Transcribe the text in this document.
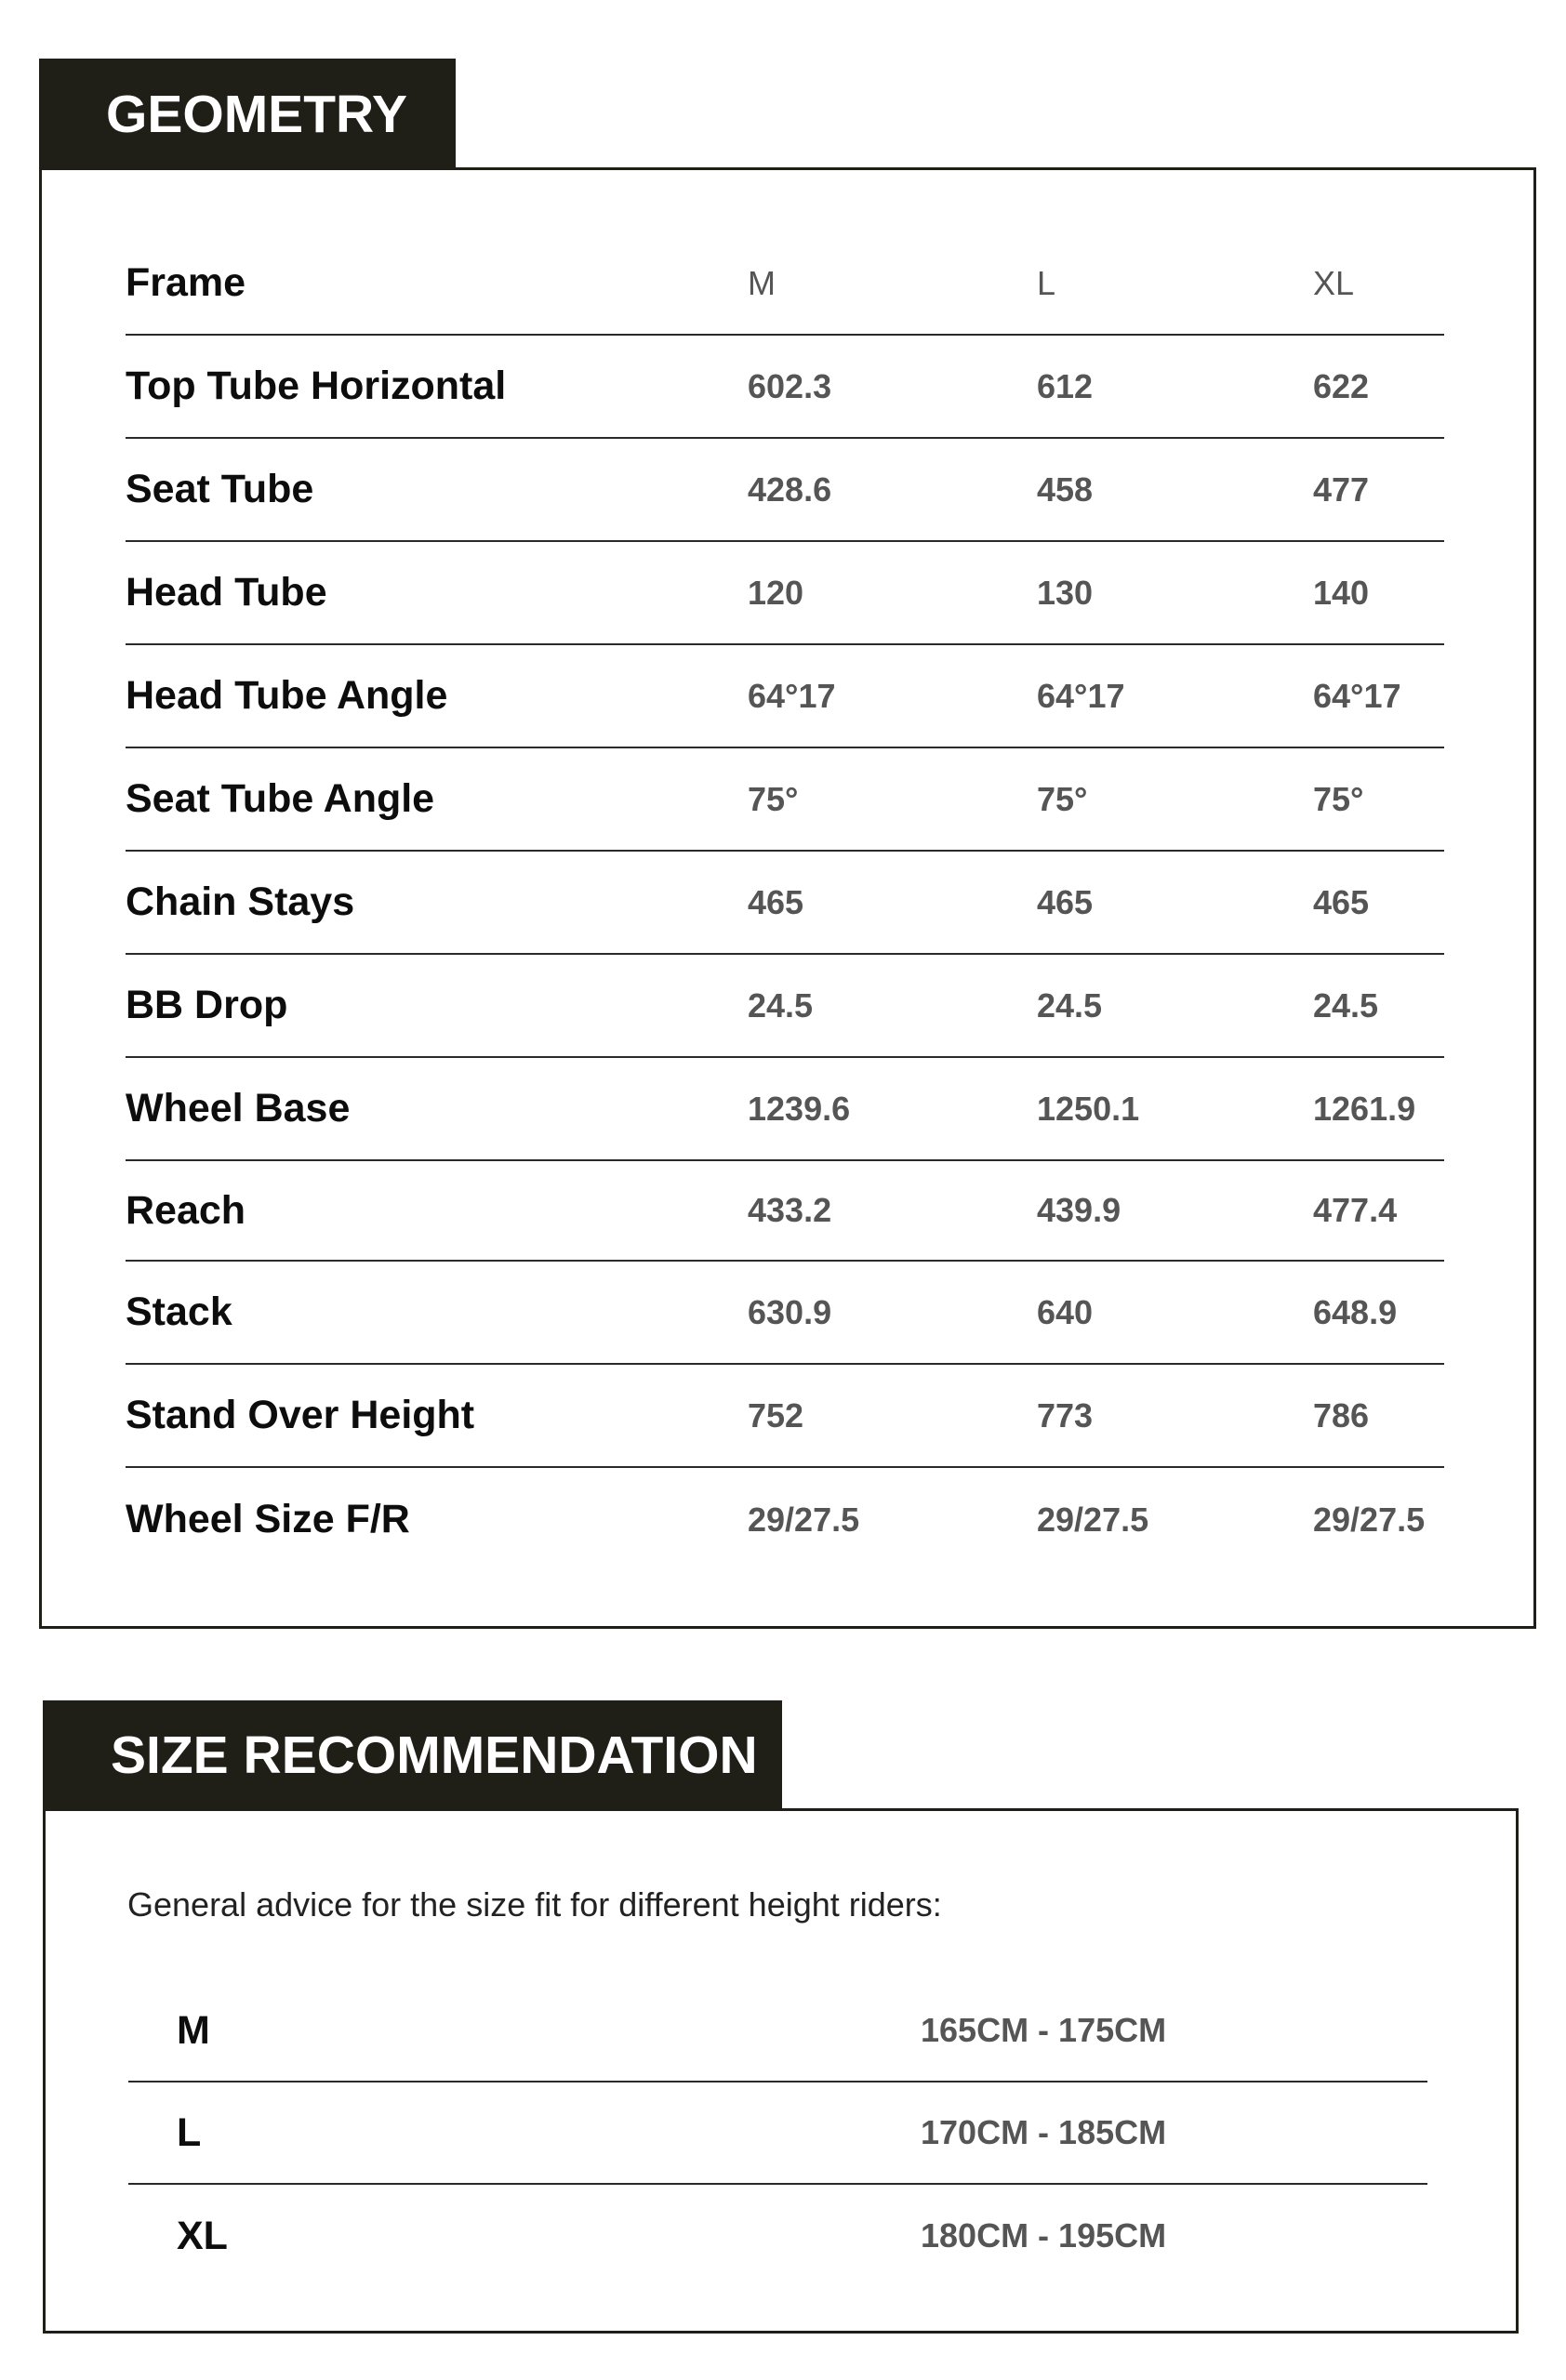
GEOMETRY
Frame	M	L	XL
Top Tube Horizontal	602.3	612	622
Seat Tube	428.6	458	477
Head Tube	120	130	140
Head Tube Angle	64°17	64°17	64°17
Seat Tube Angle	75°	75°	75°
Chain Stays	465	465	465
BB Drop	24.5	24.5	24.5
Wheel Base	1239.6	1250.1	1261.9
Reach	433.2	439.9	477.4
Stack	630.9	640	648.9
Stand Over Height	752	773	786
Wheel Size F/R	29/27.5	29/27.5	29/27.5
SIZE RECOMMENDATION
General advice for the size fit for different height riders:
M	165CM - 175CM
L	170CM - 185CM
XL	180CM - 195CM
